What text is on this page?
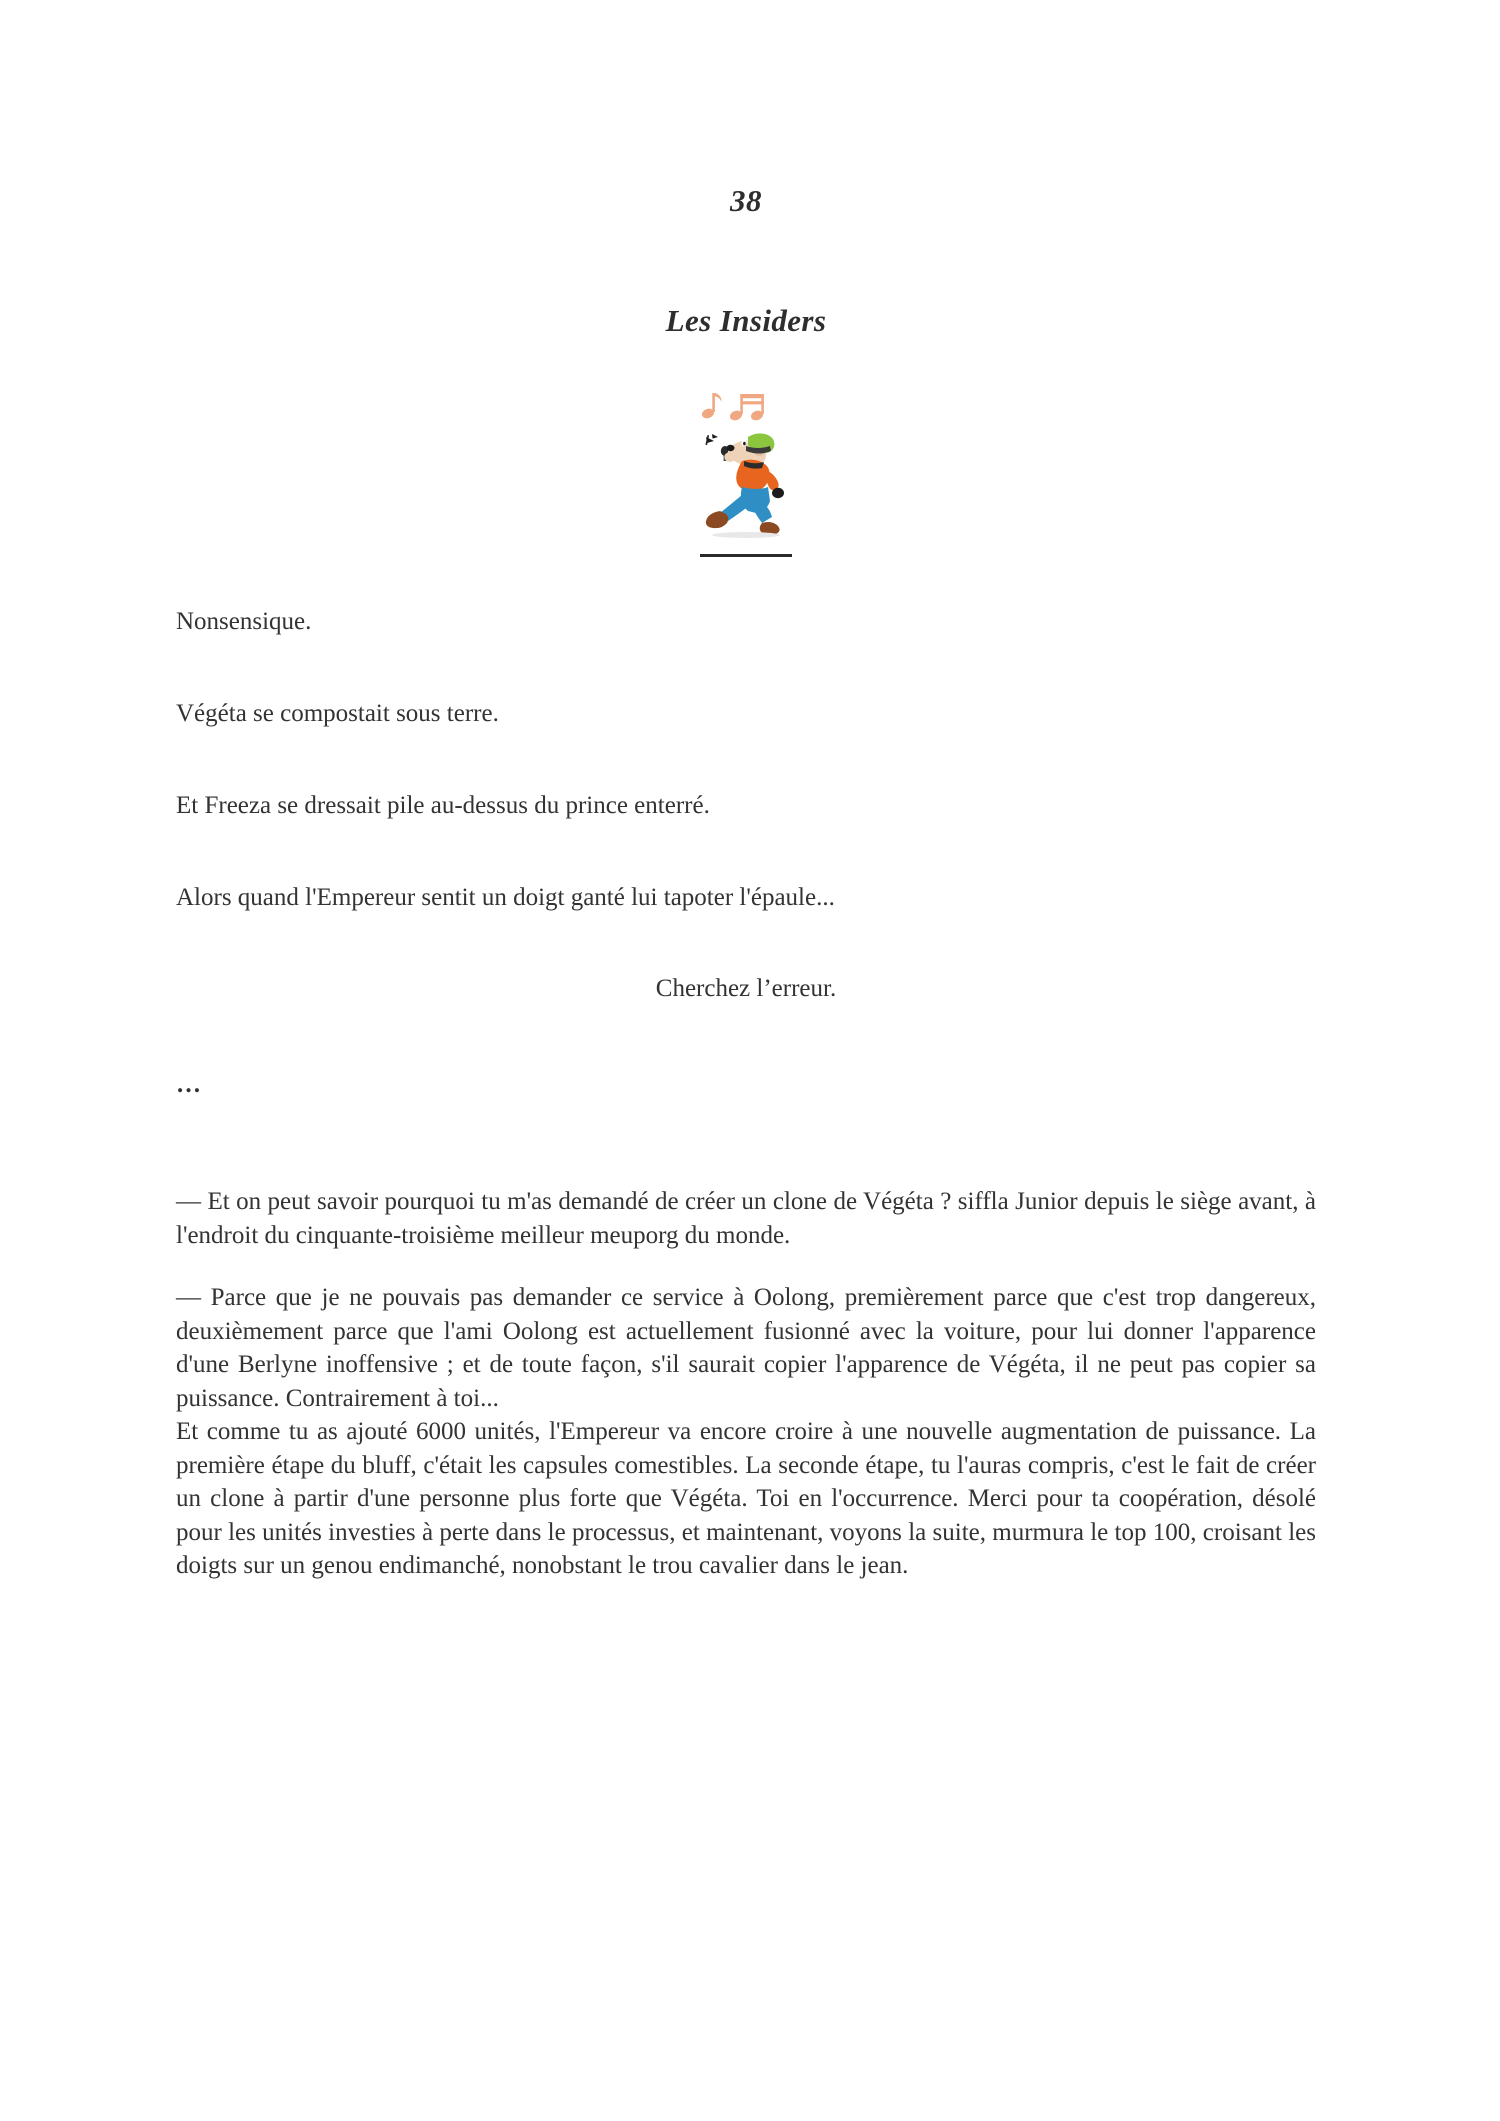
38
Les Insiders
Nonsensique.
Végéta se compostait sous terre.
Et Freeza se dressait pile au-dessus du prince enterré.
Alors quand l'Empereur sentit un doigt ganté lui tapoter l'épaule...
Cherchez l’erreur.
…

— Et on peut savoir pourquoi tu m'as demandé de créer un clone de Végéta ? siffla Junior depuis le siège avant, à l'endroit du cinquante-troisième meilleur meuporg du monde.

— Parce que je ne pouvais pas demander ce service à Oolong, premièrement parce que c'est trop dangereux, deuxièmement parce que l'ami Oolong est actuellement fusionné avec la voiture, pour lui donner l'apparence d'une Berlyne inoffensive ; et de toute façon, s'il saurait copier l'apparence de Végéta, il ne peut pas copier sa puissance. Contrairement à toi...

Et comme tu as ajouté 6000 unités, l'Empereur va encore croire à une nouvelle augmentation de puissance. La première étape du bluff, c'était les capsules comestibles. La seconde étape, tu l'auras compris, c'est le fait de créer un clone à partir d'une personne plus forte que Végéta. Toi en l'occurrence. Merci pour ta coopération, désolé pour les unités investies à perte dans le processus, et maintenant, voyons la suite, murmura le top 100, croisant les doigts sur un genou endimanché, nonobstant le trou cavalier dans le jean.
